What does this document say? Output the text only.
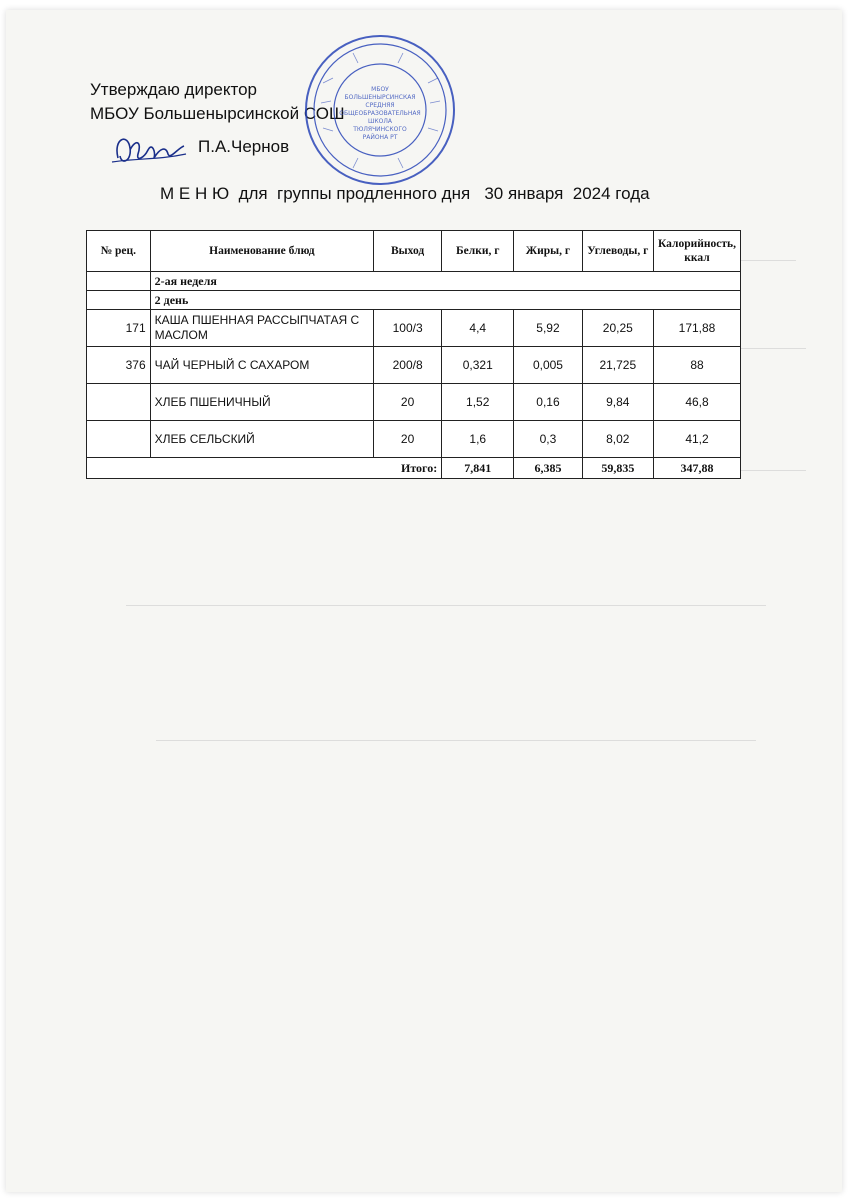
Утверждаю директор
МБОУ Большенырсинской СОШ
П.А.Чернов
МБОУ
БОЛЬШЕНЫРСИНСКАЯ
СРЕДНЯЯ
ОБЩЕОБРАЗОВАТЕЛЬНАЯ
ШКОЛА
ТЮЛЯЧИНСКОГО
РАЙОНА РТ
М Е Н Ю  для  группы продленного дня   30 января  2024 года
№ рец.	Наименование блюд	Выход	Белки, г	Жиры, г	Углеводы, г	Калорийность, ккал
	2-ая неделя					
	2 день					
171	КАША ПШЕННАЯ РАССЫПЧАТАЯ С МАСЛОМ	100/3	4,4	5,92	20,25	171,88
376	ЧАЙ ЧЕРНЫЙ С САХАРОМ	200/8	0,321	0,005	21,725	88
	ХЛЕБ ПШЕНИЧНЫЙ	20	1,52	0,16	9,84	46,8
	ХЛЕБ СЕЛЬСКИЙ	20	1,6	0,3	8,02	41,2
Итого:			7,841	6,385	59,835	347,88
